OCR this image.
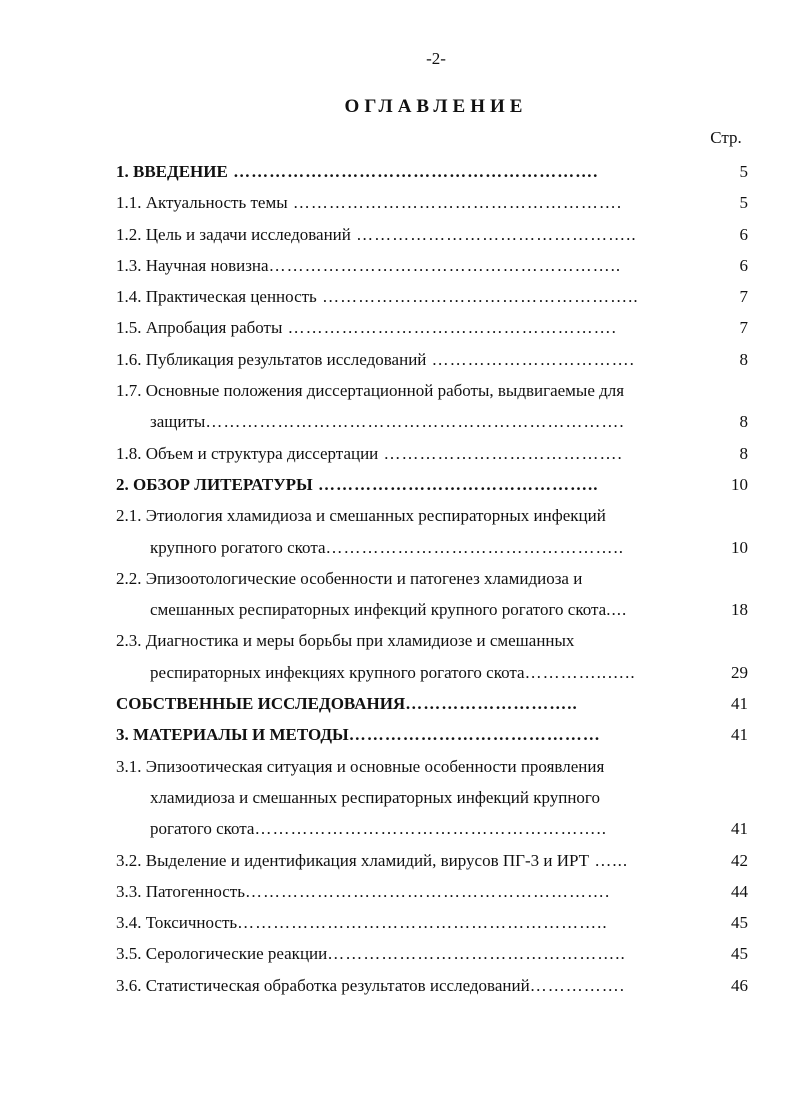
-2-
ОГЛАВЛЕНИЕ
Стр.
1. ВВЕДЕНИЕ …………………………………………………….	5
1.1. Актуальность темы ……………………………………………….	5
1.2. Цель и задачи исследований ………………………………………..	6
1.3. Научная новизна…………………………………………………..	6
1.4. Практическая ценность ……………………………………………..	7
1.5. Апробация работы ……………………………………………….	7
1.6. Публикация результатов исследований …………………………….	8
1.7. Основные положения диссертационной работы, выдвигаемые для
защиты…………………………………………………………….	8
1.8. Объем и структура диссертации ………………………………….	8
2. ОБЗОР ЛИТЕРАТУРЫ ………………………………………..	10
2.1. Этиология хламидиоза и смешанных респираторных инфекций
крупного рогатого скота…………………………………………..	10
2.2. Эпизоотологические особенности и патогенез хламидиоза и
смешанных респираторных инфекций крупного рогатого скота....	18
2.3. Диагностика и меры борьбы при хламидиозе и смешанных
респираторных инфекциях крупного рогатого скота…………..…..	29
СОБСТВЕННЫЕ ИССЛЕДОВАНИЯ………………………..	41
3. МАТЕРИАЛЫ И МЕТОДЫ……………………………………	41
3.1. Эпизоотическая ситуация и основные особенности проявления
хламидиоза и смешанных респираторных инфекций крупного
рогатого скота…………………………………………………..	41
3.2. Выделение и идентификация хламидий, вирусов ПГ-3 и ИРТ …...	42
3.3. Патогенность…………………………………………………….	44
3.4. Токсичность……………………………………………………..	45
3.5. Серологические реакции…………………………………………..	45
3.6. Статистическая обработка результатов исследований…………….	46
